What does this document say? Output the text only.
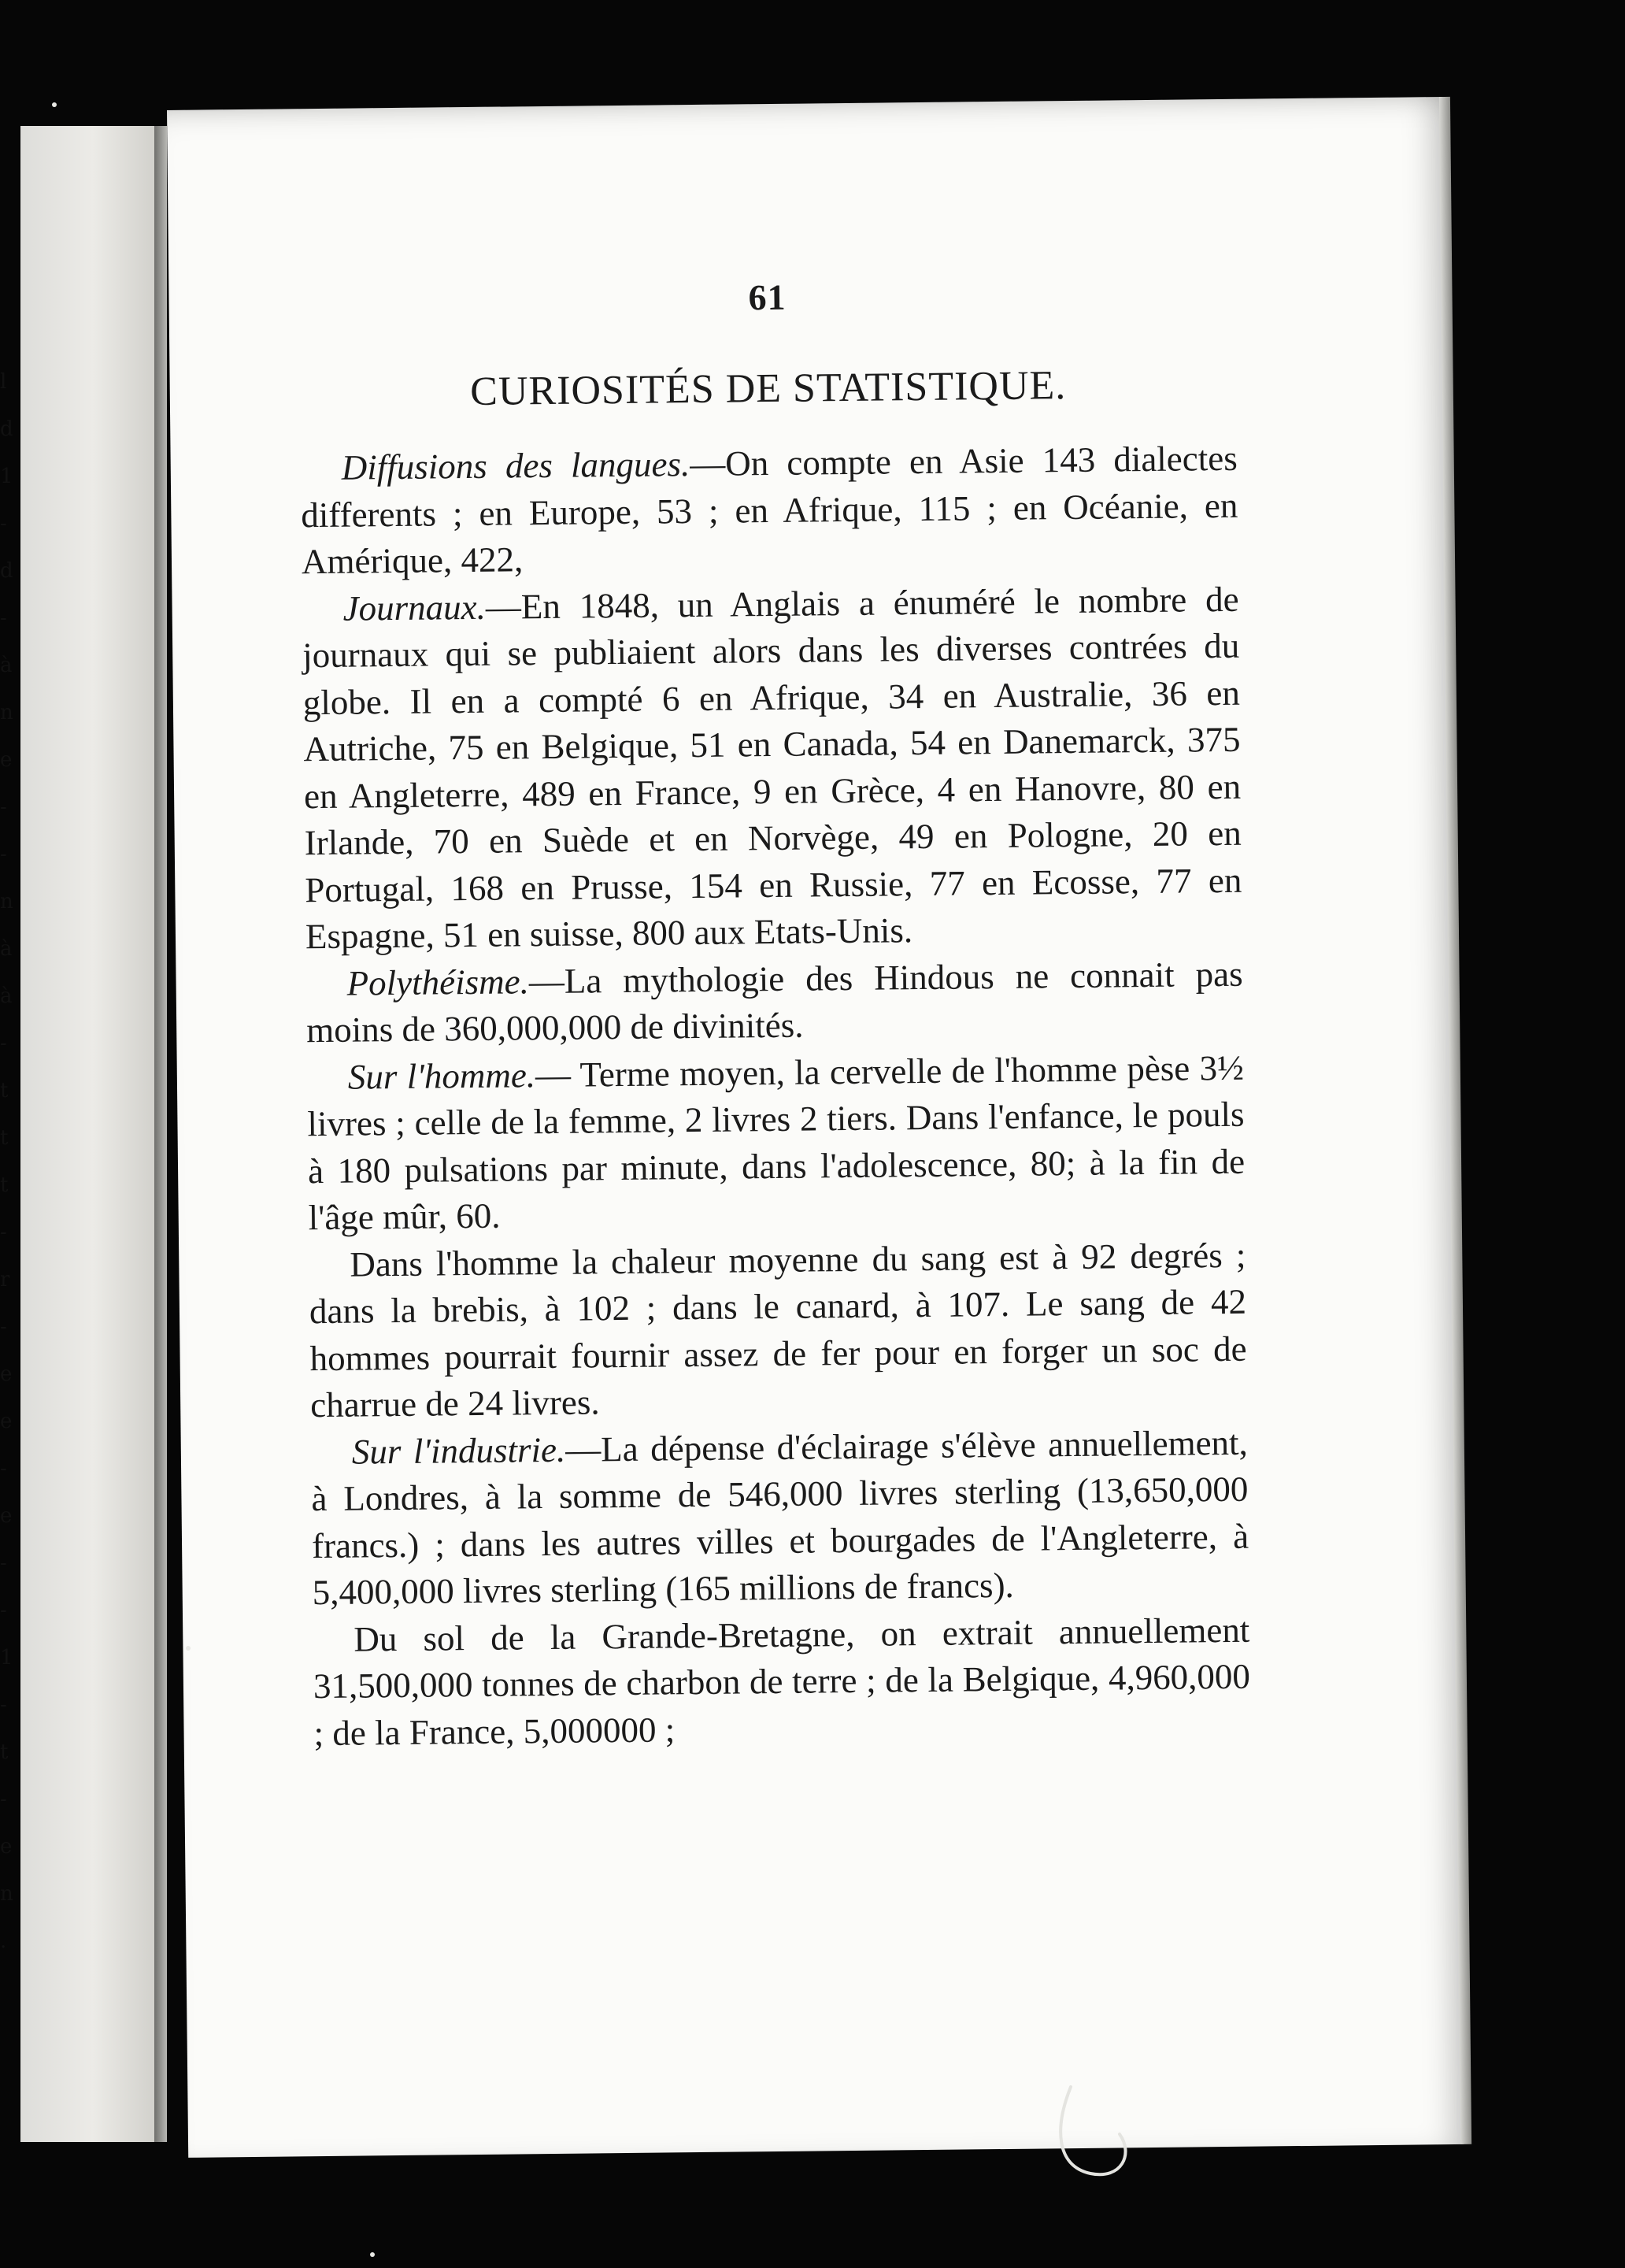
l
d
1
-
d
-
à
n
e
-
-
n
à
à
-
t
t
t
-
r
-
e
e
-
e
-
-
1
-
t
-
e
n
.
61
CURIOSITÉS DE STATISTIQUE.

Diffusions des langues.—On compte en Asie 143 dialectes differents ; en Europe, 53 ; en Afrique, 115 ; en Océanie, en Amérique, 422,

Journaux.—En 1848, un Anglais a énuméré le nombre de journaux qui se publiaient alors dans les diverses contrées du globe. Il en a compté 6 en Afrique, 34 en Australie, 36 en Autriche, 75 en Belgique, 51 en Canada, 54 en Danemarck, 375 en Angleterre, 489 en France, 9 en Grèce, 4 en Hanovre, 80 en Irlande, 70 en Suède et en Norvège, 49 en Pologne, 20 en Portugal, 168 en Prusse, 154 en Russie, 77 en Ecosse, 77 en Espagne, 51 en suisse, 800 aux Etats-Unis.

Polythéisme.—La mythologie des Hindous ne connait pas moins de 360,000,000 de divinités.

Sur l'homme.— Terme moyen, la cervelle de l'homme pèse 3½ livres ; celle de la femme, 2 livres 2 tiers. Dans l'enfance, le pouls à 180 pulsations par minute, dans l'adolescence, 80; à la fin de l'âge mûr, 60.

Dans l'homme la chaleur moyenne du sang est à 92 degrés ; dans la brebis, à 102 ; dans le canard, à 107. Le sang de 42 hommes pourrait fournir assez de fer pour en forger un soc de charrue de 24 livres.

Sur l'industrie.—La dépense d'éclairage s'élève annuellement, à Londres, à la somme de 546,000 livres sterling (13,650,000 francs.) ; dans les autres villes et bourgades de l'Angleterre, à 5,400,000 livres sterling (165 millions de francs).

Du sol de la Grande-Bretagne, on extrait annuellement 31,500,000 tonnes de charbon de terre ; de la Belgique, 4,960,000 ; de la France, 5,000000 ;
